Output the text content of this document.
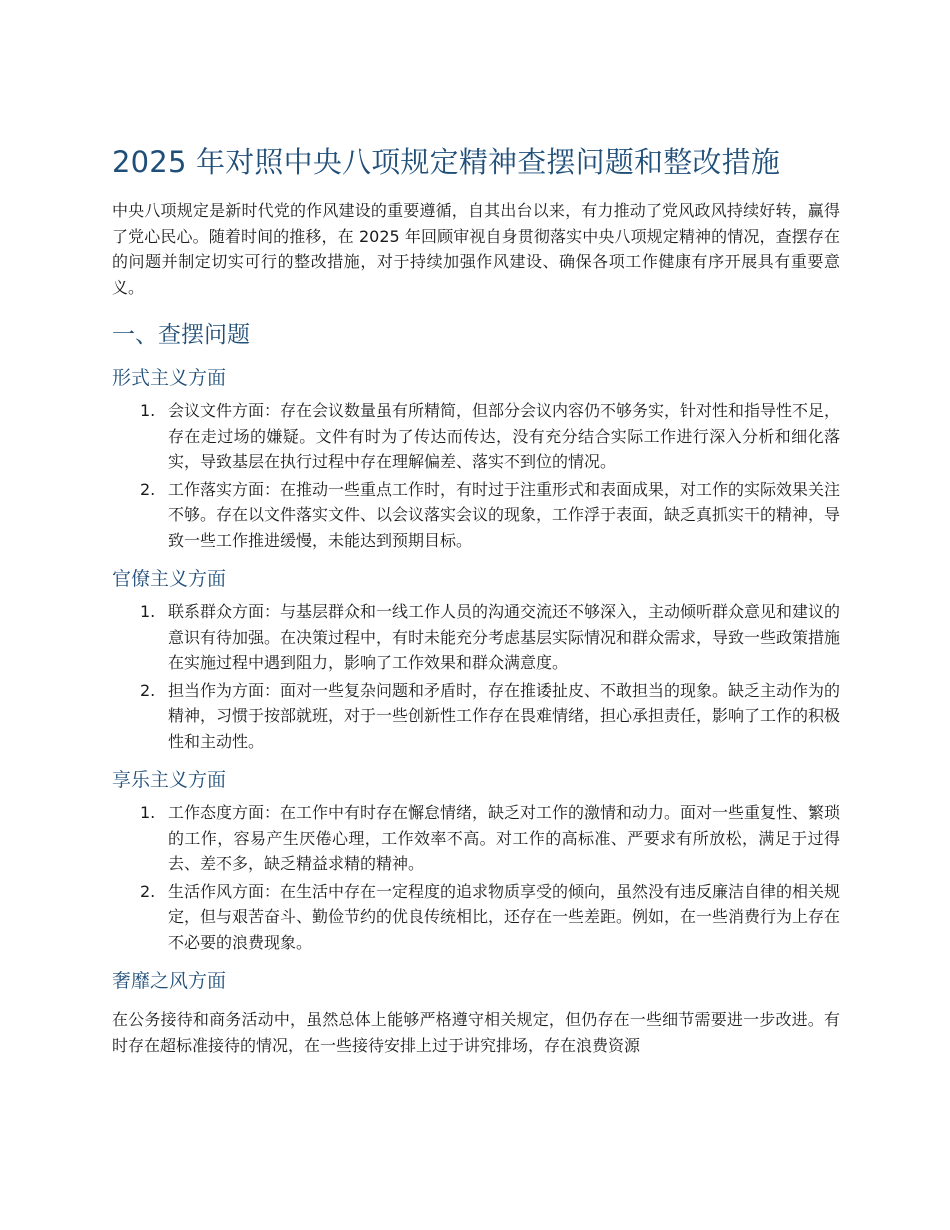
2025 年对照中央八项规定精神查摆问题和整改措施

中央八项规定是新时代党的作风建设的重要遵循，自其出台以来，有力推动了党风政风持续好转，赢得了党心民心。随着时间的推移，在 2025 年回顾审视自身贯彻落实中央八项规定精神的情况，查摆存在的问题并制定切实可行的整改措施，对于持续加强作风建设、确保各项工作健康有序开展具有重要意义。

一、查摆问题
形式主义方面
1. 会议文件方面：存在会议数量虽有所精简，但部分会议内容仍不够务实，针对性和指导性不足，存在走过场的嫌疑。文件有时为了传达而传达，没有充分结合实际工作进行深入分析和细化落实，导致基层在执行过程中存在理解偏差、落实不到位的情况。
2. 工作落实方面：在推动一些重点工作时，有时过于注重形式和表面成果，对工作的实际效果关注不够。存在以文件落实文件、以会议落实会议的现象，工作浮于表面，缺乏真抓实干的精神，导致一些工作推进缓慢，未能达到预期目标。
官僚主义方面
1. 联系群众方面：与基层群众和一线工作人员的沟通交流还不够深入，主动倾听群众意见和建议的意识有待加强。在决策过程中，有时未能充分考虑基层实际情况和群众需求，导致一些政策措施在实施过程中遇到阻力，影响了工作效果和群众满意度。
2. 担当作为方面：面对一些复杂问题和矛盾时，存在推诿扯皮、不敢担当的现象。缺乏主动作为的精神，习惯于按部就班，对于一些创新性工作存在畏难情绪，担心承担责任，影响了工作的积极性和主动性。
享乐主义方面
1. 工作态度方面：在工作中有时存在懈怠情绪，缺乏对工作的激情和动力。面对一些重复性、繁琐的工作，容易产生厌倦心理，工作效率不高。对工作的高标准、严要求有所放松，满足于过得去、差不多，缺乏精益求精的精神。
2. 生活作风方面：在生活中存在一定程度的追求物质享受的倾向，虽然没有违反廉洁自律的相关规定，但与艰苦奋斗、勤俭节约的优良传统相比，还存在一些差距。例如，在一些消费行为上存在不必要的浪费现象。
奢靡之风方面

在公务接待和商务活动中，虽然总体上能够严格遵守相关规定，但仍存在一些细节需要进一步改进。有时存在超标准接待的情况，在一些接待安排上过于讲究排场，存在浪费资源
